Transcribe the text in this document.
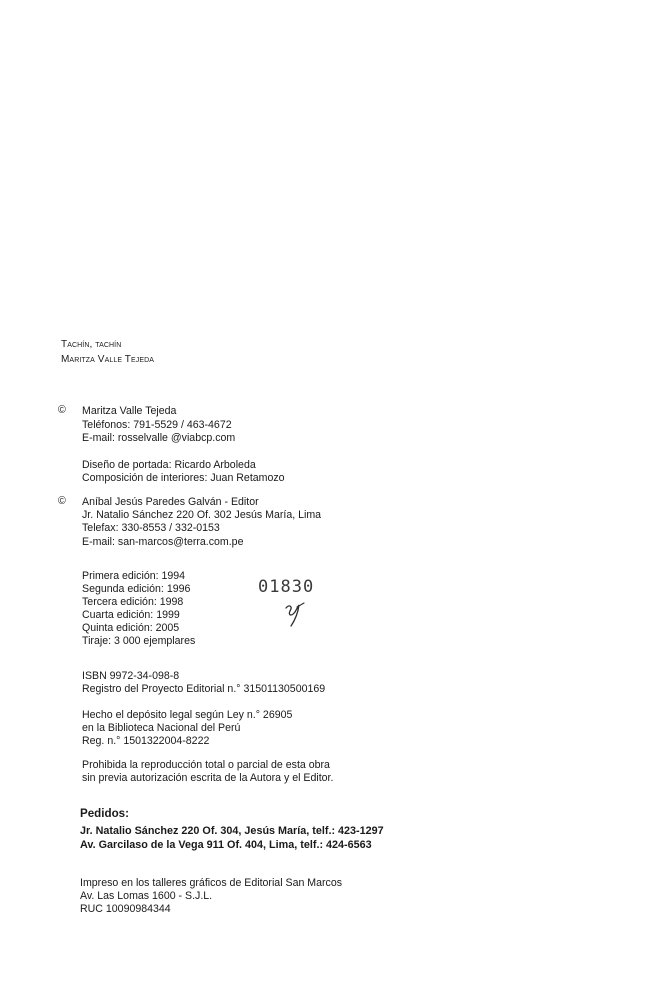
Tachín, tachín
Maritza Valle Tejeda
© Maritza Valle Tejeda
Teléfonos: 791-5529 / 463-4672
E-mail: rosselvalle @viabcp.com
Diseño de portada: Ricardo Arboleda
Composición de interiores: Juan Retamozo
© Aníbal Jesús Paredes Galván - Editor
Jr. Natalio Sánchez 220 Of. 302 Jesús María, Lima
Telefax: 330-8553 / 332-0153
E-mail: san-marcos@terra.com.pe
Primera edición: 1994
Segunda edición: 1996
Tercera edición: 1998
Cuarta edición: 1999
Quinta edición: 2005
Tiraje: 3 000 ejemplares
01830
ISBN 9972-34-098-8
Registro del Proyecto Editorial n.° 31501130500169
Hecho el depósito legal según Ley n.° 26905
en la Biblioteca Nacional del Perú
Reg. n.° 1501322004-8222
Prohibida la reproducción total o parcial de esta obra
sin previa autorización escrita de la Autora y el Editor.
Pedidos:
Jr. Natalio Sánchez 220 Of. 304, Jesús María, telf.: 423-1297
Av. Garcilaso de la Vega 911 Of. 404, Lima, telf.: 424-6563
Impreso en los talleres gráficos de Editorial San Marcos
Av. Las Lomas 1600 - S.J.L.
RUC 10090984344
